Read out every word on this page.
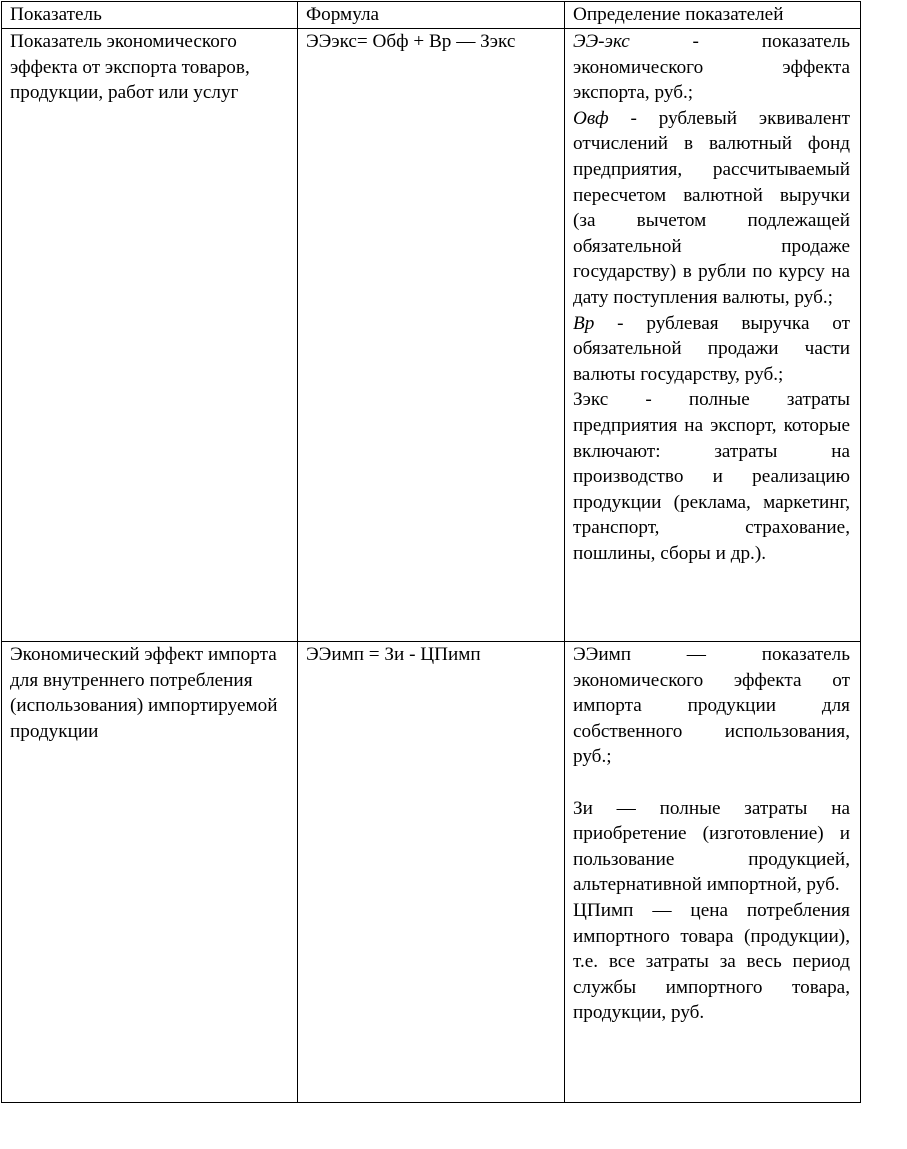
Показатель	Формула	Определение показателей
Показатель экономического эффекта от экспорта товаров, продукции, работ или услуг	ЭЭэкс= Обф + Вр — Зэкс	ЭЭ-экс - показатель экономического эффекта экспорта, руб.;

Овф - рублевый эквивалент отчислений в валютный фонд предприятия, рассчитываемый пересчетом валютной выручки (за вычетом подлежащей обязательной продаже государству) в рубли по курсу на дату поступления валюты, руб.;

Вр - рублевая выручка от обязательной продажи части валюты государству, руб.;

Зэкс - полные затраты предприятия на экспорт, которые включают: затраты на производство и реализацию продукции (реклама, маркетинг, транспорт, страхование, пошлины, сборы и др.).

Экономический эффект импорта для внутреннего потребления (использования) импортируемой продукции	ЭЭимп = Зи - ЦПимп	ЭЭимп — показатель экономического эффекта от импорта продукции для собственного использования, руб.;

Зи — полные затраты на приобретение (изготовление) и пользование продукцией, альтернативной импортной, руб.

ЦПимп — цена потребления импортного товара (продукции), т.е. все затраты за весь период службы импортного товара, продукции, руб.
